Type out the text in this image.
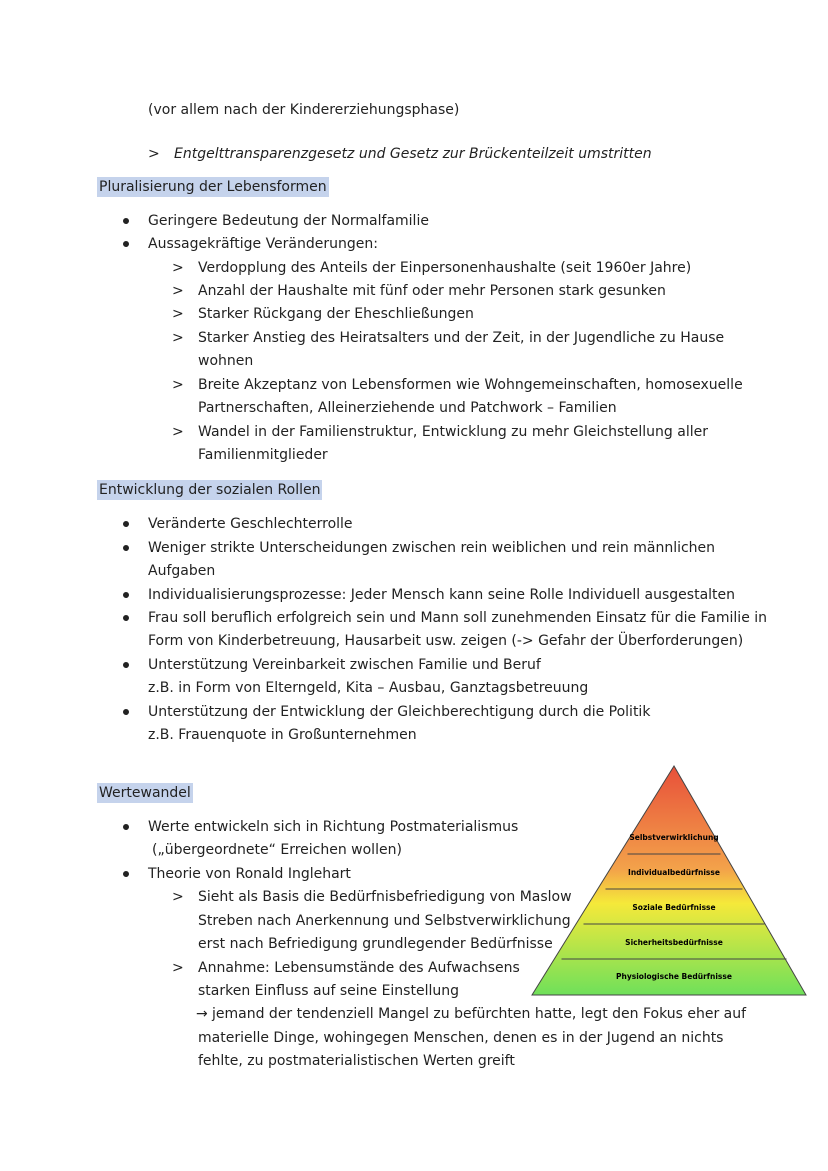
(vor allem nach der Kindererziehungsphase)
> Entgelttransparenzgesetz und Gesetz zur Brückenteilzeit umstritten
Pluralisierung der Lebensformen
Geringere Bedeutung der Normalfamilie
Aussagekräftige Veränderungen:
> Verdopplung des Anteils der Einpersonenhaushalte (seit 1960er Jahre)
> Anzahl der Haushalte mit fünf oder mehr Personen stark gesunken
> Starker Rückgang der Eheschließungen
> Starker Anstieg des Heiratsalters und der Zeit, in der Jugendliche zu Hause
wohnen
> Breite Akzeptanz von Lebensformen wie Wohngemeinschaften, homosexuelle
Partnerschaften, Alleinerziehende und Patchwork – Familien
> Wandel in der Familienstruktur, Entwicklung zu mehr Gleichstellung aller
Familienmitglieder
Entwicklung der sozialen Rollen
Veränderte Geschlechterrolle
Weniger strikte Unterscheidungen zwischen rein weiblichen und rein männlichen
Aufgaben
Individualisierungsprozesse: Jeder Mensch kann seine Rolle Individuell ausgestalten
Frau soll beruflich erfolgreich sein und Mann soll zunehmenden Einsatz für die Familie in
Form von Kinderbetreuung, Hausarbeit usw. zeigen (-> Gefahr der Überforderungen)
Unterstützung Vereinbarkeit zwischen Familie und Beruf
z.B. in Form von Elterngeld, Kita – Ausbau, Ganztagsbetreuung
Unterstützung der Entwicklung der Gleichberechtigung durch die Politik
z.B. Frauenquote in Großunternehmen
Wertewandel
Werte entwickeln sich in Richtung Postmaterialismus
(„übergeordnete“ Erreichen wollen)
Theorie von Ronald Inglehart
> Sieht als Basis die Bedürfnisbefriedigung von Maslow
Streben nach Anerkennung und Selbstverwirklichung
erst nach Befriedigung grundlegender Bedürfnisse
> Annahme: Lebensumstände des Aufwachsens
starken Einfluss auf seine Einstellung
→ jemand der tendenziell Mangel zu befürchten hatte, legt den Fokus eher auf
materielle Dinge, wohingegen Menschen, denen es in der Jugend an nichts
fehlte, zu postmaterialistischen Werten greift
Selbstverwirklichung
Individualbedürfnisse
Soziale Bedürfnisse
Sicherheitsbedürfnisse
Physiologische Bedürfnisse
